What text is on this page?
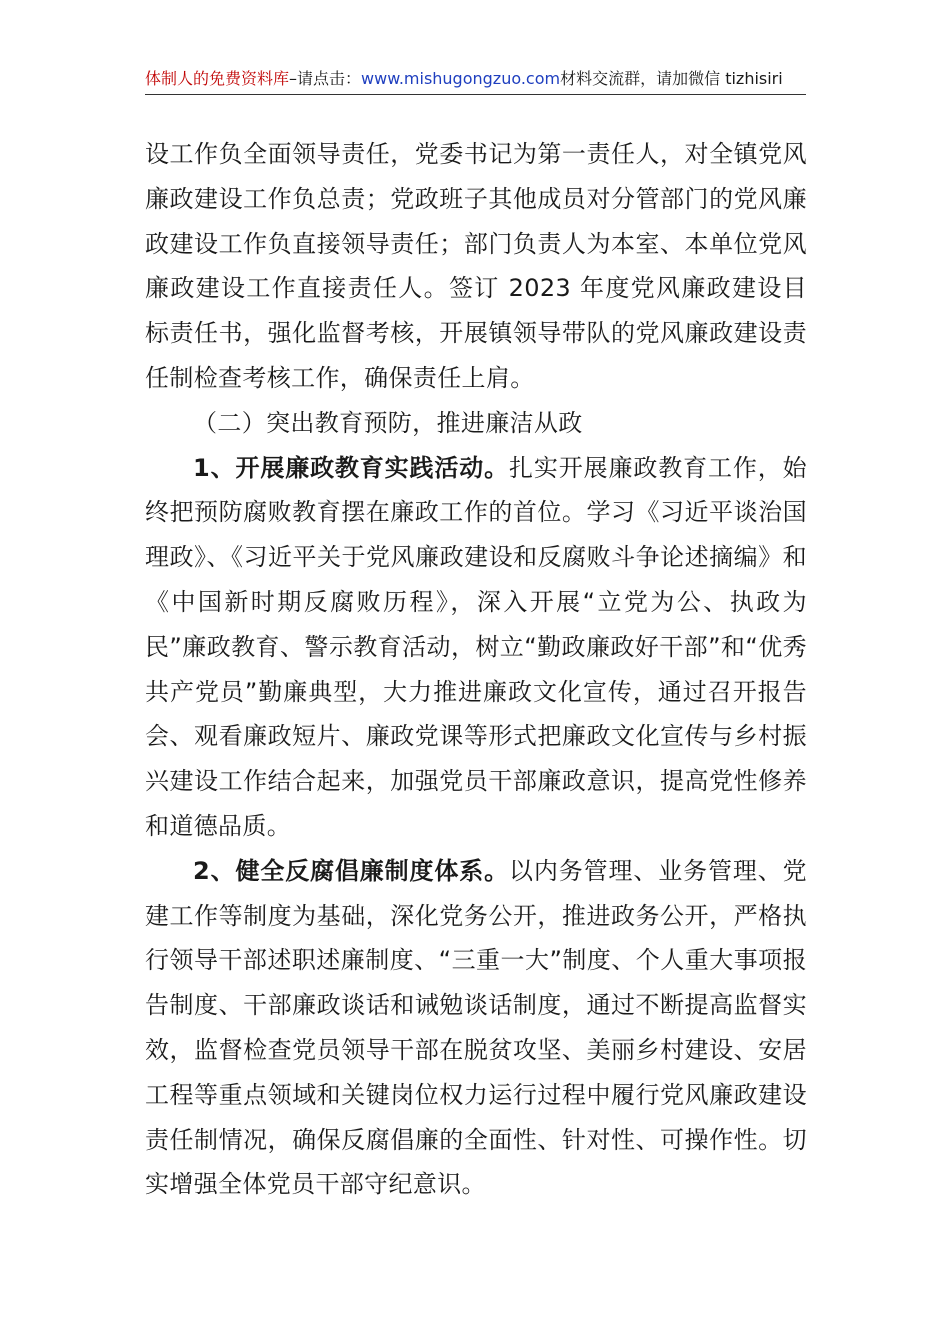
体制人的免费资料库–请点击：www.mishugongzuo.com材料交流群，请加微信 tizhisiri

设工作负全面领导责任，党委书记为第一责任人，对全镇党风廉政建设工作负总责；党政班子其他成员对分管部门的党风廉政建设工作负直接领导责任；部门负责人为本室、本单位党风廉政建设工作直接责任人。签订 2023 年度党风廉政建设目标责任书，强化监督考核，开展镇领导带队的党风廉政建设责任制检查考核工作，确保责任上肩。

（二）突出教育预防，推进廉洁从政

1、开展廉政教育实践活动。扎实开展廉政教育工作，始终把预防腐败教育摆在廉政工作的首位。学习《习近平谈治国理政》、《习近平关于党风廉政建设和反腐败斗争论述摘编》和《中国新时期反腐败历程》，深入开展“立党为公、执政为民”廉政教育、警示教育活动，树立“勤政廉政好干部”和“优秀共产党员”勤廉典型，大力推进廉政文化宣传，通过召开报告会、观看廉政短片、廉政党课等形式把廉政文化宣传与乡村振兴建设工作结合起来，加强党员干部廉政意识，提高党性修养和道德品质。

2、健全反腐倡廉制度体系。以内务管理、业务管理、党建工作等制度为基础，深化党务公开，推进政务公开，严格执行领导干部述职述廉制度、“三重一大”制度、个人重大事项报告制度、干部廉政谈话和诫勉谈话制度，通过不断提高监督实效，监督检查党员领导干部在脱贫攻坚、美丽乡村建设、安居工程等重点领域和关键岗位权力运行过程中履行党风廉政建设责任制情况，确保反腐倡廉的全面性、针对性、可操作性。切实增强全体党员干部守纪意识。
